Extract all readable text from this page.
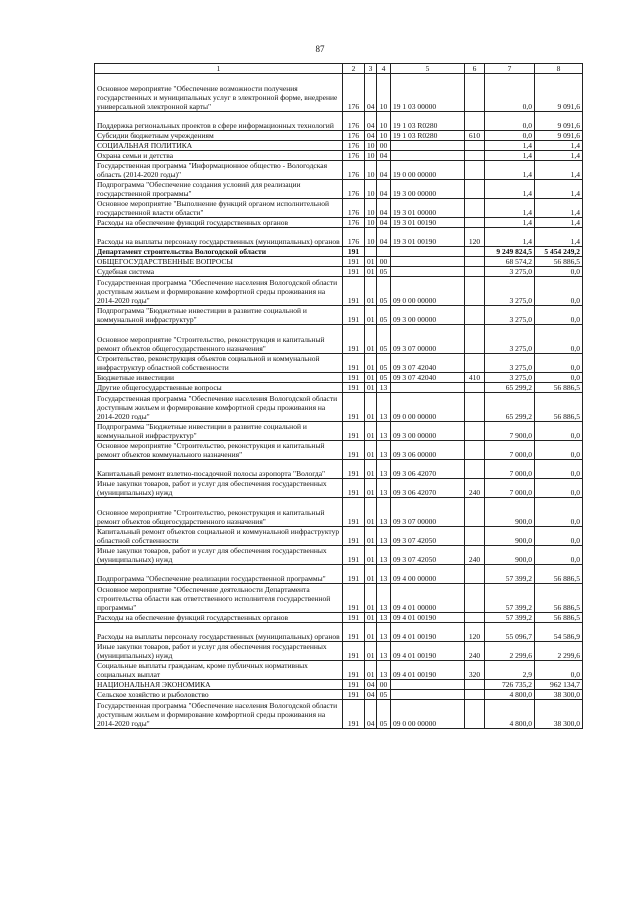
87
1	2	3	4	5	6	7	8
Основное мероприятие "Обеспечение возможности получения государственных и муниципальных услуг в электронной форме, внедрение универсальной электронной карты"	176	04	10	19 1 03 00000		0,0	9 091,6
Поддержка региональных проектов в сфере информационных технологий	176	04	10	19 1 03 R0280		0,0	9 091,6
Субсидии бюджетным учреждениям	176	04	10	19 1 03 R0280	610	0,0	9 091,6
СОЦИАЛЬНАЯ ПОЛИТИКА	176	10	00			1,4	1,4
Охрана семьи и детства	176	10	04			1,4	1,4
Государственная программа "Информационное общество - Вологодская область (2014-2020 годы)"	176	10	04	19 0 00 00000		1,4	1,4
Подпрограмма "Обеспечение создания условий для реализации государственной программы"	176	10	04	19 3 00 00000		1,4	1,4
Основное мероприятие "Выполнение функций органом исполнительной государственной власти области"	176	10	04	19 3 01 00000		1,4	1,4
Расходы на обеспечение функций государственных органов	176	10	04	19 3 01 00190		1,4	1,4
Расходы на выплаты персоналу государственных (муниципальных) органов	176	10	04	19 3 01 00190	120	1,4	1,4
Департамент строительства Вологодской области	191					9 249 824,5	5 454 249,2
ОБЩЕГОСУДАРСТВЕННЫЕ ВОПРОСЫ	191	01	00			68 574,2	56 886,5
Судебная система	191	01	05			3 275,0	0,0
Государственная программа "Обеспечение населения Вологодской области доступным жильем и формирование комфортной среды проживания на 2014-2020 годы"	191	01	05	09 0 00 00000		3 275,0	0,0
Подпрограмма "Бюджетные инвестиции в развитие социальной и коммунальной инфраструктур"	191	01	05	09 3 00 00000		3 275,0	0,0
Основное мероприятие "Строительство, реконструкция и капитальный ремонт объектов общегосударственного назначения"	191	01	05	09 3 07 00000		3 275,0	0,0
Строительство, реконструкция объектов социальной и коммунальной инфраструктур областной собственности	191	01	05	09 3 07 42040		3 275,0	0,0
Бюджетные инвестиции	191	01	05	09 3 07 42040	410	3 275,0	0,0
Другие общегосударственные вопросы	191	01	13			65 299,2	56 886,5
Государственная программа "Обеспечение населения Вологодской области доступным жильем и формирование комфортной среды проживания на 2014-2020 годы"	191	01	13	09 0 00 00000		65 299,2	56 886,5
Подпрограмма "Бюджетные инвестиции в развитие социальной и коммунальной инфраструктур"	191	01	13	09 3 00 00000		7 900,0	0,0
Основное мероприятие "Строительство, реконструкция и капитальный ремонт объектов коммунального назначения"	191	01	13	09 3 06 00000		7 000,0	0,0
Капитальный ремонт взлетно-посадочной полосы аэропорта "Вологда"	191	01	13	09 3 06 42070		7 000,0	0,0
Иные закупки товаров, работ и услуг для обеспечения государственных (муниципальных) нужд	191	01	13	09 3 06 42070	240	7 000,0	0,0
Основное мероприятие "Строительство, реконструкция и капитальный ремонт объектов общегосударственного назначения"	191	01	13	09 3 07 00000		900,0	0,0
Капитальный ремонт объектов социальной и коммунальной инфраструктур областной собственности	191	01	13	09 3 07 42050		900,0	0,0
Иные закупки товаров, работ и услуг для обеспечения государственных (муниципальных) нужд	191	01	13	09 3 07 42050	240	900,0	0,0
Подпрограмма "Обеспечение реализации государственной программы"	191	01	13	09 4 00 00000		57 399,2	56 886,5
Основное мероприятие "Обеспечение деятельности Департамента строительства области как ответственного исполнителя государственной программы"	191	01	13	09 4 01 00000		57 399,2	56 886,5
Расходы на обеспечение функций государственных органов	191	01	13	09 4 01 00190		57 399,2	56 886,5
Расходы на выплаты персоналу государственных (муниципальных) органов	191	01	13	09 4 01 00190	120	55 096,7	54 586,9
Иные закупки товаров, работ и услуг для обеспечения государственных (муниципальных) нужд	191	01	13	09 4 01 00190	240	2 299,6	2 299,6
Социальные выплаты гражданам, кроме публичных нормативных социальных выплат	191	01	13	09 4 01 00190	320	2,9	0,0
НАЦИОНАЛЬНАЯ ЭКОНОМИКА	191	04	00			726 735,2	962 134,7
Сельское хозяйство и рыболовство	191	04	05			4 800,0	38 300,0
Государственная программа "Обеспечение населения Вологодской области доступным жильем и формирование комфортной среды проживания на 2014-2020 годы"	191	04	05	09 0 00 00000		4 800,0	38 300,0
